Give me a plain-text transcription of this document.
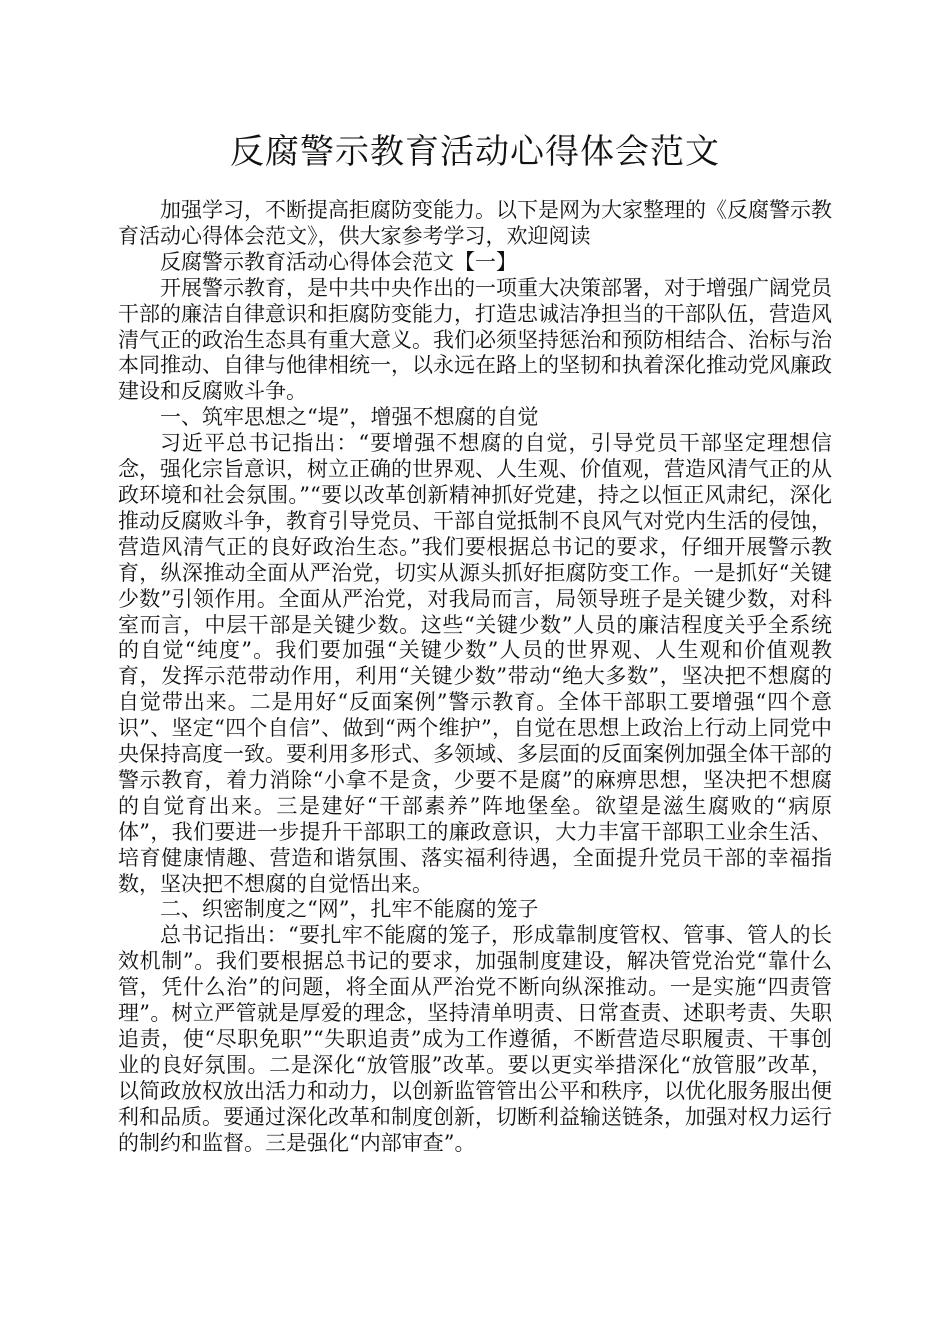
反腐警示教育活动心得体会范文

加强学习，不断提高拒腐防变能力。以下是网为大家整理的《反腐警示教育活动心得体会范文》，供大家参考学习，欢迎阅读

反腐警示教育活动心得体会范文【一】

开展警示教育，是中共中央作出的一项重大决策部署，对于增强广阔党员干部的廉洁自律意识和拒腐防变能力，打造忠诚洁净担当的干部队伍，营造风清气正的政治生态具有重大意义。我们必须坚持惩治和预防相结合、治标与治本同推动、自律与他律相统一，以永远在路上的坚韧和执着深化推动党风廉政建设和反腐败斗争。

一、筑牢思想之“堤”，增强不想腐的自觉

习近平总书记指出：“要增强不想腐的自觉，引导党员干部坚定理想信念，强化宗旨意识，树立正确的世界观、人生观、价值观，营造风清气正的从政环境和社会氛围。”“要以改革创新精神抓好党建，持之以恒正风肃纪，深化推动反腐败斗争，教育引导党员、干部自觉抵制不良风气对党内生活的侵蚀，营造风清气正的良好政治生态。”我们要根据总书记的要求，仔细开展警示教育，纵深推动全面从严治党，切实从源头抓好拒腐防变工作。一是抓好“关键少数”引领作用。全面从严治党，对我局而言，局领导班子是关键少数，对科室而言，中层干部是关键少数。这些“关键少数”人员的廉洁程度关乎全系统的自觉“纯度”。我们要加强“关键少数”人员的世界观、人生观和价值观教育，发挥示范带动作用，利用“关键少数”带动“绝大多数”，坚决把不想腐的自觉带出来。二是用好“反面案例”警示教育。全体干部职工要增强“四个意识”、坚定“四个自信”、做到“两个维护”，自觉在思想上政治上行动上同党中央保持高度一致。要利用多形式、多领域、多层面的反面案例加强全体干部的警示教育，着力消除“小拿不是贪，少要不是腐”的麻痹思想，坚决把不想腐的自觉育出来。三是建好“干部素养”阵地堡垒。欲望是滋生腐败的“病原体”，我们要进一步提升干部职工的廉政意识，大力丰富干部职工业余生活、培育健康情趣、营造和谐氛围、落实福利待遇，全面提升党员干部的幸福指数，坚决把不想腐的自觉悟出来。

二、织密制度之“网”，扎牢不能腐的笼子

总书记指出：“要扎牢不能腐的笼子，形成靠制度管权、管事、管人的长效机制”。我们要根据总书记的要求，加强制度建设，解决管党治党“靠什么管，凭什么治”的问题，将全面从严治党不断向纵深推动。一是实施“四责管理”。树立严管就是厚爱的理念，坚持清单明责、日常查责、述职考责、失职追责，使“尽职免职”“失职追责”成为工作遵循，不断营造尽职履责、干事创业的良好氛围。二是深化“放管服”改革。要以更实举措深化“放管服”改革，以简政放权放出活力和动力，以创新监管管出公平和秩序，以优化服务服出便利和品质。要通过深化改革和制度创新，切断利益输送链条，加强对权力运行的制约和监督。三是强化“内部审查”。
